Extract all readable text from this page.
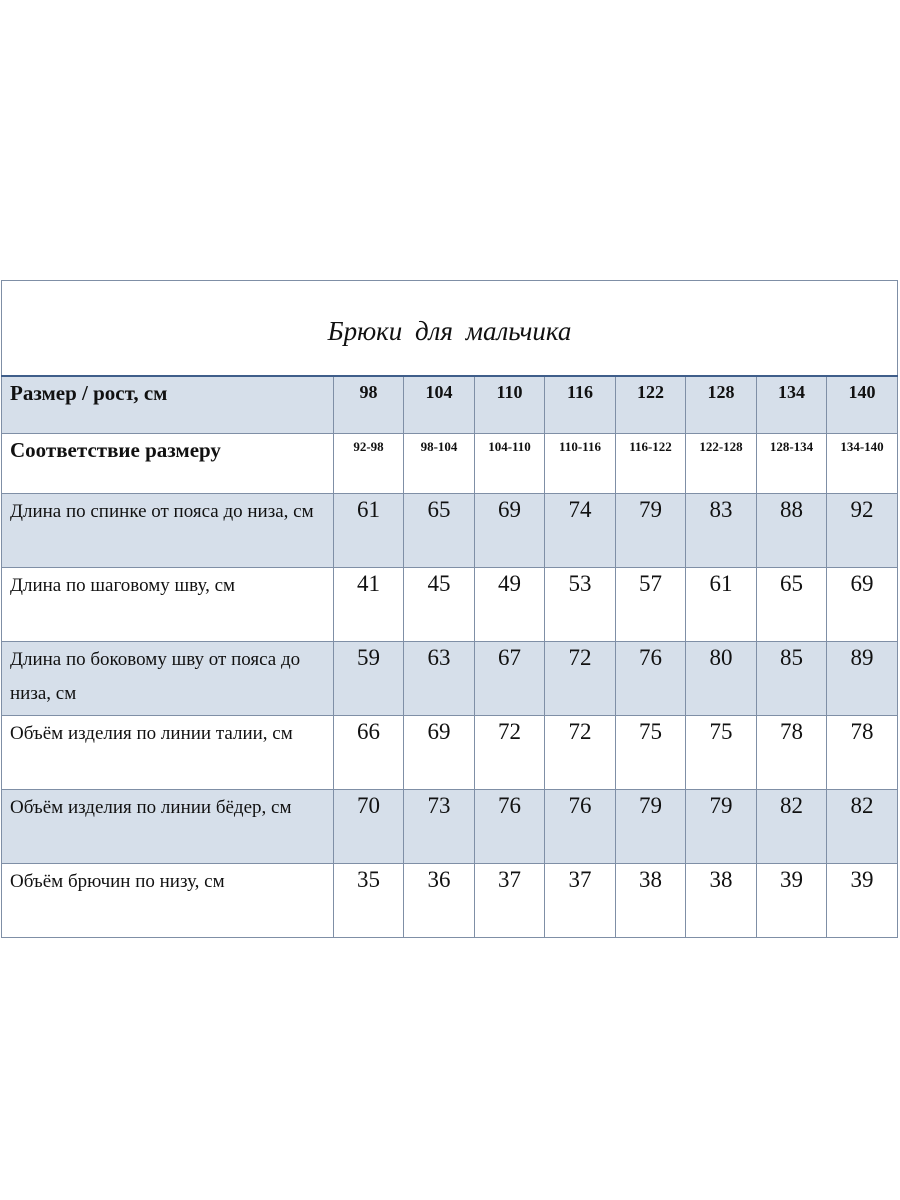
Брюки для мальчика								
Размер / рост, см	98	104	110	116	122	128	134	140
Соответствие размеру	92-98	98-104	104-110	110-116	116-122	122-128	128-134	134-140
Длина по спинке от пояса до низа, см	61	65	69	74	79	83	88	92
Длина по шаговому шву, см	41	45	49	53	57	61	65	69
Длина по боковому шву от пояса до низа, см	59	63	67	72	76	80	85	89
Объём изделия по линии талии, см	66	69	72	72	75	75	78	78
Объём изделия по линии бёдер, см	70	73	76	76	79	79	82	82
Объём брючин по низу, см	35	36	37	37	38	38	39	39
